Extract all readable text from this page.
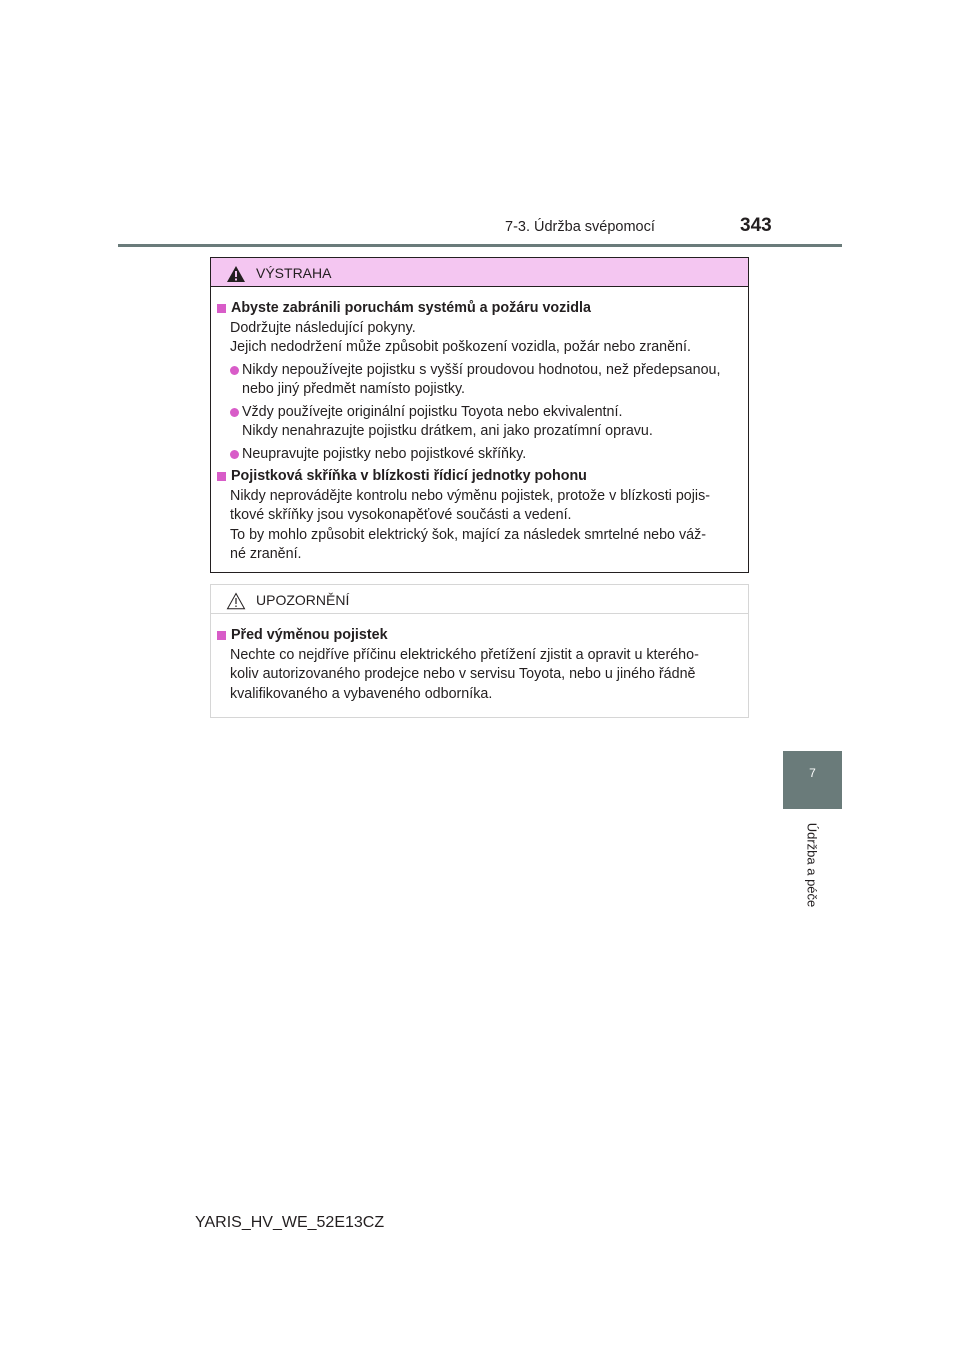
7-3. Údržba svépomocí	343
7
Údržba a péče
VÝSTRAHA
Abyste zabránili poruchám systémů a požáru vozidla
Dodržujte následující pokyny.
Jejich nedodržení může způsobit poškození vozidla, požár nebo zranění.
Nikdy nepoužívejte pojistku s vyšší proudovou hodnotou, než předepsanou,
nebo jiný předmět namísto pojistky.
Vždy používejte originální pojistku Toyota nebo ekvivalentní.
Nikdy nenahrazujte pojistku drátkem, ani jako prozatímní opravu.
Neupravujte pojistky nebo pojistkové skříňky.
Pojistková skříňka v blízkosti řídicí jednotky pohonu
Nikdy neprovádějte kontrolu nebo výměnu pojistek, protože v blízkosti pojis-
tkové skříňky jsou vysokonapěťové součásti a vedení.
To by mohlo způsobit elektrický šok, mající za následek smrtelné nebo váž-
né zranění.
UPOZORNĚNÍ
Před výměnou pojistek
Nechte co nejdříve příčinu elektrického přetížení zjistit a opravit u kterého-
koliv autorizovaného prodejce nebo v servisu Toyota, nebo u jiného řádně
kvalifikovaného a vybaveného odborníka.
YARIS_HV_WE_52E13CZ
